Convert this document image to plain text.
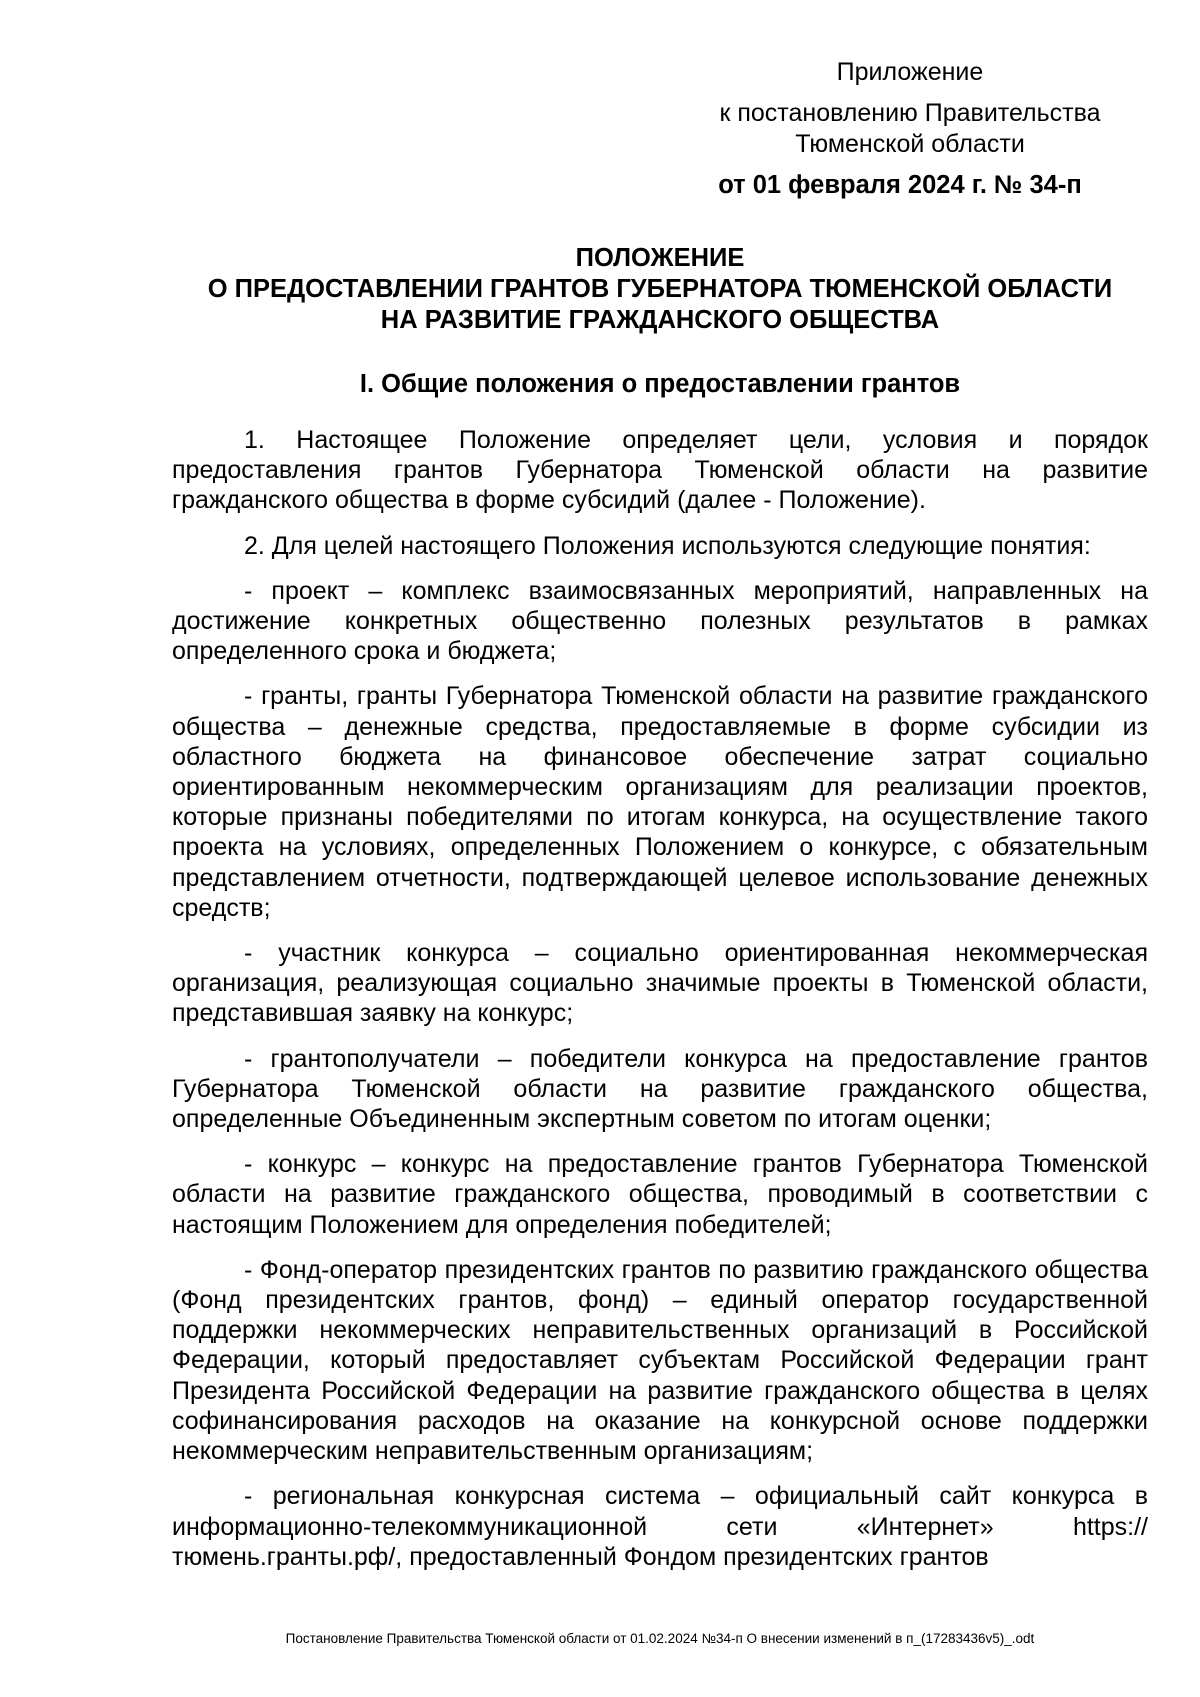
Приложение
к постановлению Правительства
Тюменской области
от 01 февраля 2024 г. № 34-п
ПОЛОЖЕНИЕ
О ПРЕДОСТАВЛЕНИИ ГРАНТОВ ГУБЕРНАТОРА ТЮМЕНСКОЙ ОБЛАСТИ
НА РАЗВИТИЕ ГРАЖДАНСКОГО ОБЩЕСТВА
I. Общие положения о предоставлении грантов

1. Настоящее Положение определяет цели, условия и порядок предоставления грантов Губернатора Тюменской области на развитие гражданского общества в форме субсидий (далее - Положение).

2. Для целей настоящего Положения используются следующие понятия:

- проект – комплекс взаимосвязанных мероприятий, направленных на достижение конкретных общественно полезных результатов в рамках определенного срока и бюджета;

- гранты, гранты Губернатора Тюменской области на развитие гражданского общества – денежные средства, предоставляемые в форме субсидии из областного бюджета на финансовое обеспечение затрат социально ориентированным некоммерческим организациям для реализации проектов, которые признаны победителями по итогам конкурса, на осуществление такого проекта на условиях, определенных Положением о конкурсе, с обязательным представлением отчетности, подтверждающей целевое использование денежных средств;

- участник конкурса – социально ориентированная некоммерческая организация, реализующая социально значимые проекты в Тюменской области, представившая заявку на конкурс;

- грантополучатели – победители конкурса на предоставление грантов Губернатора Тюменской области на развитие гражданского общества, определенные Объединенным экспертным советом по итогам оценки;

- конкурс – конкурс на предоставление грантов Губернатора Тюменской области на развитие гражданского общества, проводимый в соответствии с настоящим Положением для определения победителей;

- Фонд-оператор президентских грантов по развитию гражданского общества (Фонд президентских грантов, фонд) – единый оператор государственной поддержки некоммерческих неправительственных организаций в Российской Федерации, который предоставляет субъектам Российской Федерации грант Президента Российской Федерации на развитие гражданского общества в целях софинансирования расходов на оказание на конкурсной основе поддержки некоммерческим неправительственным организациям;

- региональная конкурсная система – официальный сайт конкурса в информационно-телекоммуникационной сети «Интернет» https://тюмень.гранты.рф/, предоставленный Фондом президентских грантов

Постановление Правительства Тюменской области от 01.02.2024 №34-п О внесении изменений в п_(17283436v5)_.odt
